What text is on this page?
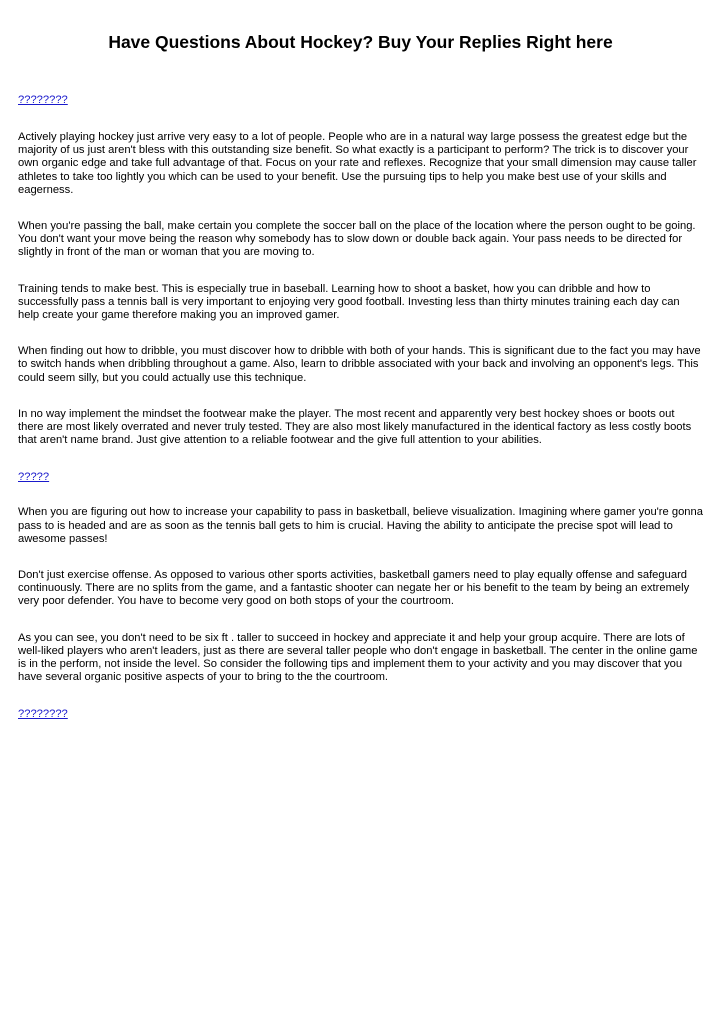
Have Questions About Hockey? Buy Your Replies Right here
????????

Actively playing hockey just arrive very easy to a lot of people. People who are in a natural way large possess the greatest edge but the majority of us just aren't bless with this outstanding size benefit. So what exactly is a participant to perform? The trick is to discover your own organic edge and take full advantage of that. Focus on your rate and reflexes. Recognize that your small dimension may cause taller athletes to take too lightly you which can be used to your benefit. Use the pursuing tips to help you make best use of your skills and eagerness.

When you're passing the ball, make certain you complete the soccer ball on the place of the location where the person ought to be going. You don't want your move being the reason why somebody has to slow down or double back again. Your pass needs to be directed for slightly in front of the man or woman that you are moving to.

Training tends to make best. This is especially true in baseball. Learning how to shoot a basket, how you can dribble and how to successfully pass a tennis ball is very important to enjoying very good football. Investing less than thirty minutes training each day can help create your game therefore making you an improved gamer.

When finding out how to dribble, you must discover how to dribble with both of your hands. This is significant due to the fact you may have to switch hands when dribbling throughout a game. Also, learn to dribble associated with your back and involving an opponent's legs. This could seem silly, but you could actually use this technique.

In no way implement the mindset the footwear make the player. The most recent and apparently very best hockey shoes or boots out there are most likely overrated and never truly tested. They are also most likely manufactured in the identical factory as less costly boots that aren't name brand. Just give attention to a reliable footwear and the give full attention to your abilities.

?????

When you are figuring out how to increase your capability to pass in basketball, believe visualization. Imagining where gamer you're gonna pass to is headed and are as soon as the tennis ball gets to him is crucial. Having the ability to anticipate the precise spot will lead to awesome passes!

Don't just exercise offense. As opposed to various other sports activities, basketball gamers need to play equally offense and safeguard continuously. There are no splits from the game, and a fantastic shooter can negate her or his benefit to the team by being an extremely very poor defender. You have to become very good on both stops of your the courtroom.

As you can see, you don't need to be six ft . taller to succeed in hockey and appreciate it and help your group acquire. There are lots of well-liked players who aren't leaders, just as there are several taller people who don't engage in basketball. The center in the online game is in the perform, not inside the level. So consider the following tips and implement them to your activity and you may discover that you have several organic positive aspects of your to bring to the the courtroom.

????????
